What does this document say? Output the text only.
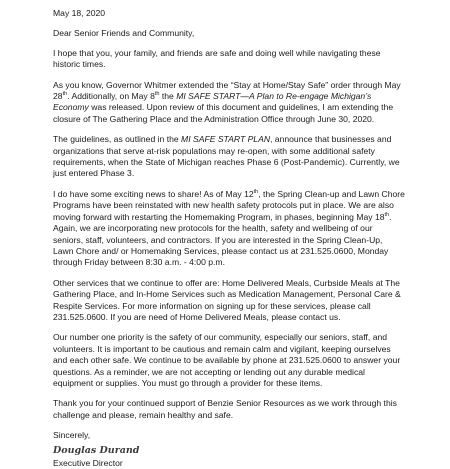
May 18, 2020

Dear Senior Friends and Community,

I hope that you, your family, and friends are safe and doing well while navigating these historic times.

As you know, Governor Whitmer extended the “Stay at Home/Stay Safe” order through May 28th. Additionally, on May 8th the MI SAFE START—A Plan to Re-engage Michigan’s Economy was released. Upon review of this document and guidelines, I am extending the closure of The Gathering Place and the Administration Office through June 30, 2020.

The guidelines, as outlined in the MI SAFE START PLAN, announce that businesses and organizations that serve at-risk populations may re-open, with some additional safety requirements, when the State of Michigan reaches Phase 6 (Post-Pandemic). Currently, we just entered Phase 3.

I do have some exciting news to share! As of May 12th, the Spring Clean-up and Lawn Chore Programs have been reinstated with new health safety protocols put in place. We are also moving forward with restarting the Homemaking Program, in phases, beginning May 18th. Again, we are incorporating new protocols for the health, safety and wellbeing of our seniors, staff, volunteers, and contractors. If you are interested in the Spring Clean-Up, Lawn Chore and/ or Homemaking Services, please contact us at 231.525.0600, Monday through Friday between 8:30 a.m. - 4:00 p.m.

Other services that we continue to offer are: Home Delivered Meals, Curbside Meals at The Gathering Place, and In-Home Services such as Medication Management, Personal Care & Respite Services. For more information on signing up for these services, please call 231.525.0600. If you are need of Home Delivered Meals, please contact us.

Our number one priority is the safety of our community, especially our seniors, staff, and volunteers. It is important to be cautious and remain calm and vigilant, keeping ourselves and each other safe. We continue to be available by phone at 231.525.0600 to answer your questions. As a reminder, we are not accepting or lending out any durable medical equipment or supplies. You must go through a provider for these items.

Thank you for your continued support of Benzie Senior Resources as we work through this challenge and please, remain healthy and safe.

Sincerely,

Douglas Durand
Executive Director
